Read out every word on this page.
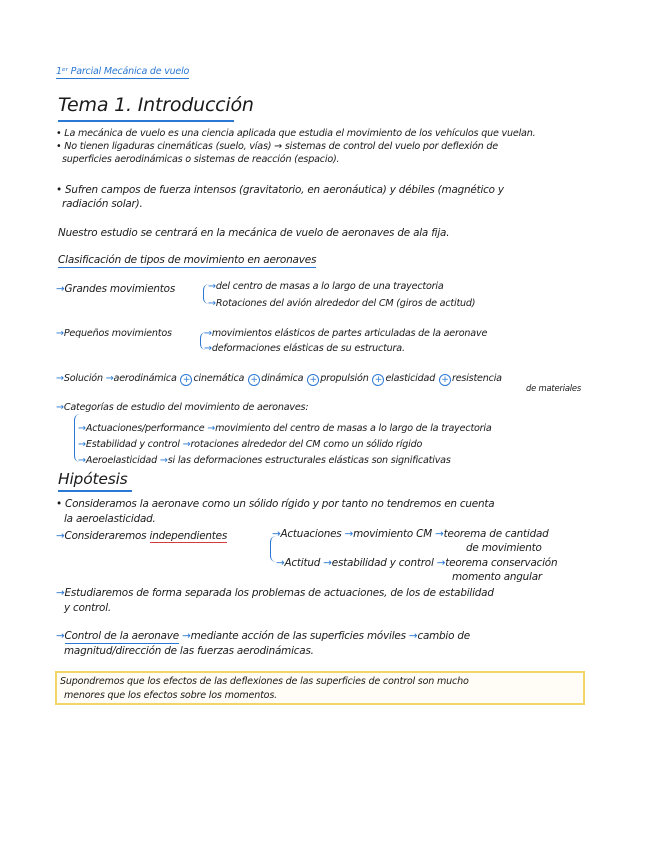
1ᵉʳ Parcial Mecánica de vuelo
Tema 1. Introducción
• La mecánica de vuelo es una ciencia aplicada que estudia el movimiento de los vehículos que vuelan.
• No tienen ligaduras cinemáticas (suelo, vías) → sistemas de control del vuelo por deflexión de
superficies aerodinámicas o sistemas de reacción (espacio).
• Sufren campos de fuerza intensos (gravitatorio, en aeronáutica) y débiles (magnético y
radiación solar).
Nuestro estudio se centrará en la mecánica de vuelo de aeronaves de ala fija.
Clasificación de tipos de movimiento en aeronaves
→Grandes movimientos	→del centro de masas a lo largo de una trayectoria
→Rotaciones del avión alrededor del CM (giros de actitud)
→Pequeños movimientos	→movimientos elásticos de partes articuladas de la aeronave
→deformaciones elásticas de su estructura.
→Solución →aerodinámica + cinemática + dinámica + propulsión + elasticidad + resistencia
de materiales
→Categorías de estudio del movimiento de aeronaves:
→Actuaciones/performance →movimiento del centro de masas a lo largo de la trayectoria
→Estabilidad y control →rotaciones alrededor del CM como un sólido rígido
→Aeroelasticidad →si las deformaciones estructurales elásticas son significativas
Hipótesis
• Consideramos la aeronave como un sólido rígido y por tanto no tendremos en cuenta
la aeroelasticidad.
→Consideraremos independientes	→Actuaciones →movimiento CM →teorema de cantidad
de movimiento
→Actitud →estabilidad y control →teorema conservación
momento angular
→Estudiaremos de forma separada los problemas de actuaciones, de los de estabilidad
y control.
→Control de la aeronave →mediante acción de las superficies móviles →cambio de
magnitud/dirección de las fuerzas aerodinámicas.
Supondremos que los efectos de las deflexiones de las superficies de control son mucho
menores que los efectos sobre los momentos.
